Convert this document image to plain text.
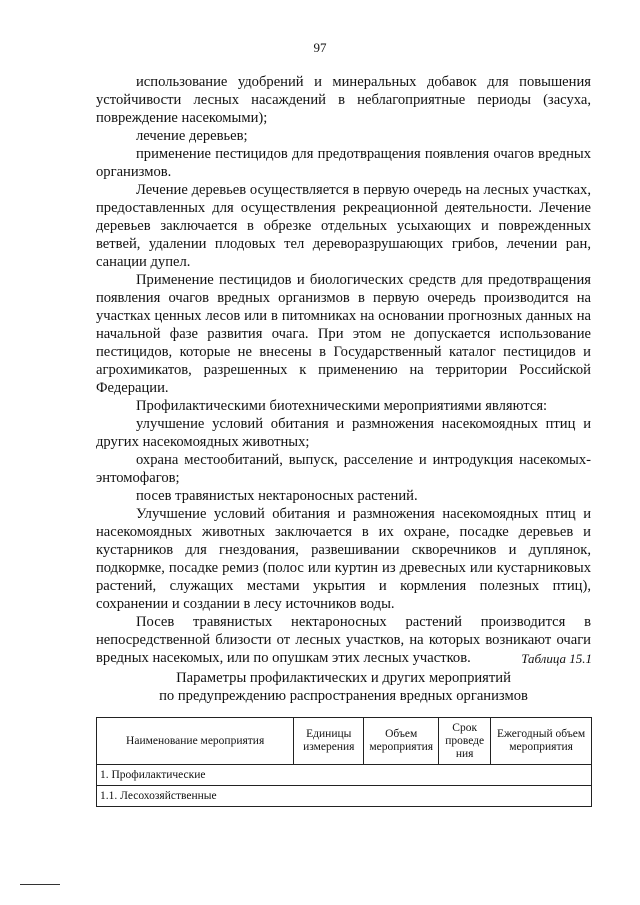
97

использование удобрений и минеральных добавок для повышения устойчивости лесных насаждений в неблагоприятные периоды (засуха, повреждение насекомыми);

лечение деревьев;

применение пестицидов для предотвращения появления очагов вредных организмов.

Лечение деревьев осуществляется в первую очередь на лесных участках, предоставленных для осуществления рекреационной деятельности. Лечение деревьев заключается в обрезке отдельных усыхающих и поврежденных ветвей, удалении плодовых тел дереворазрушающих грибов, лечении ран, санации дупел.

Применение пестицидов и биологических средств для предотвращения появления очагов вредных организмов в первую очередь производится на участках ценных лесов или в питомниках на основании прогнозных данных на начальной фазе развития очага. При этом не допускается использование пестицидов, которые не внесены в Государственный каталог пестицидов и агрохимикатов, разрешенных к применению на территории Российской Федерации.

Профилактическими биотехническими мероприятиями являются:

улучшение условий обитания и размножения насекомоядных птиц и других насекомоядных животных;

охрана местообитаний, выпуск, расселение и интродукция насекомых-энтомофагов;

посев травянистых нектароносных растений.

Улучшение условий обитания и размножения насекомоядных птиц и насекомоядных животных заключается в их охране, посадке деревьев и кустарников для гнездования, развешивании скворечников и дуплянок, подкормке, посадке ремиз (полос или куртин из древесных или кустарниковых растений, служащих местами укрытия и кормления полезных птиц), сохранении и создании в лесу источников воды.

Посев травянистых нектароносных растений производится в непосредственной близости от лесных участков, на которых возникают очаги вредных насекомых, или по опушкам этих лесных участков.	Таблица 15.1
Параметры профилактических и других мероприятий
по предупреждению распространения вредных организмов
Наименование мероприятия	Единицы измерения	Объем мероприятия	Срок проведе ния	Ежегодный объем мероприятия
1. Профилактические
1.1. Лесохозяйственные
